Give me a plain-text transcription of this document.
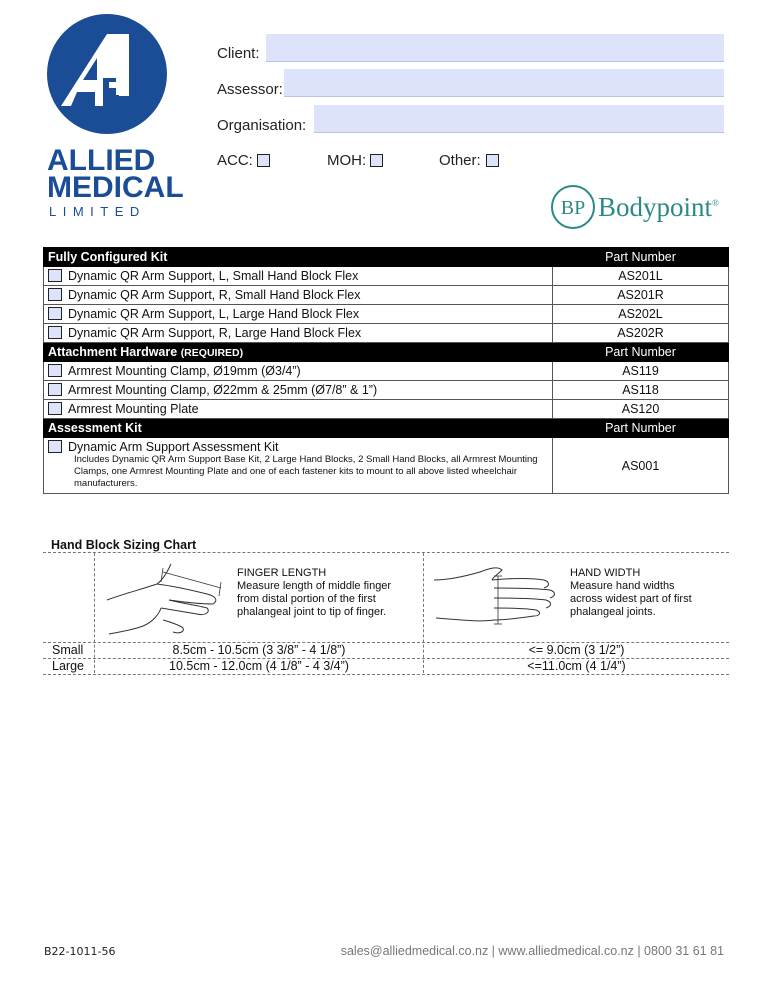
ALLIED
MEDICAL
LIMITED
Client:
Assessor:
Organisation:
ACC:	MOH:	Other:
BP Bodypoint®
Fully Configured Kit	Part Number
Dynamic QR Arm Support, L, Small Hand Block Flex	AS201L
Dynamic QR Arm Support, R, Small Hand Block Flex	AS201R
Dynamic QR Arm Support, L, Large Hand Block Flex	AS202L
Dynamic QR Arm Support, R, Large Hand Block Flex	AS202R
Attachment Hardware (REQUIRED)	Part Number
Armrest Mounting Clamp, Ø19mm (Ø3/4”)	AS119
Armrest Mounting Clamp, Ø22mm & 25mm (Ø7/8” & 1”)	AS118
Armrest Mounting Plate	AS120
Assessment Kit	Part Number

Dynamic Arm Support Assessment Kit
Includes Dynamic QR Arm Support Base Kit, 2 Large Hand Blocks, 2 Small Hand Blocks, all Armrest Mounting Clamps, one Armrest Mounting Plate and one of each fastener kits to mount to all above listed wheelchair manufacturers.	AS001
Hand Block Sizing Chart
FINGER LENGTH
Measure length of middle finger
from distal portion of the first
phalangeal joint to tip of finger.
HAND WIDTH
Measure hand widths
across widest part of first
phalangeal joints.
Small	8.5cm - 10.5cm (3 3/8” - 4 1/8”)	<= 9.0cm (3 1/2”)
Large	10.5cm - 12.0cm (4 1/8” - 4 3/4”)	<=11.0cm (4 1/4”)
B22-1011-56	sales@alliedmedical.co.nz | www.alliedmedical.co.nz | 0800 31 61 81
